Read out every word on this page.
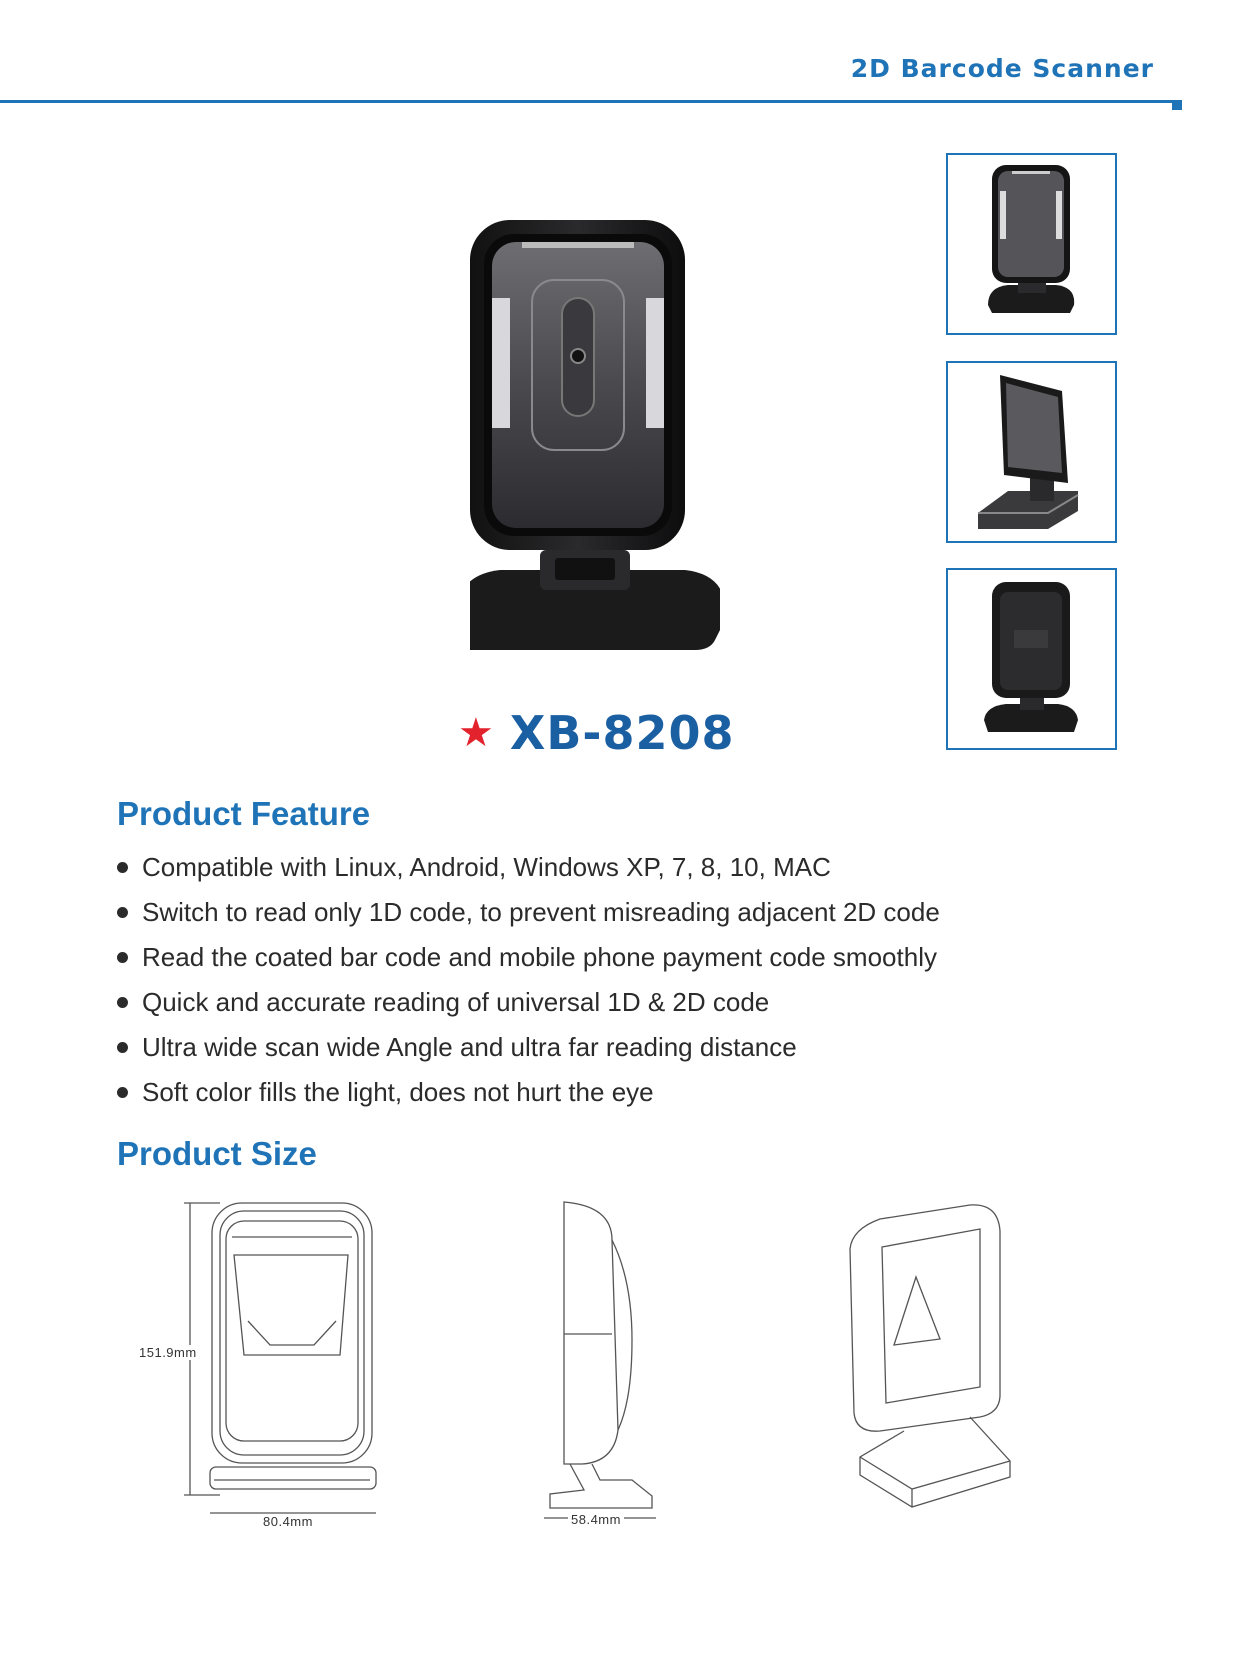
2D Barcode Scanner
★ XB-8208
Product Feature
Compatible with Linux, Android, Windows XP, 7, 8, 10, MAC
Switch to read only 1D code, to prevent misreading adjacent 2D code
Read the coated bar code and mobile phone payment code smoothly
Quick and accurate reading of universal 1D & 2D code
Ultra wide scan wide Angle and ultra far reading distance
Soft color fills the light, does not hurt the eye
Product Size
151.9mm
80.4mm	58.4mm
